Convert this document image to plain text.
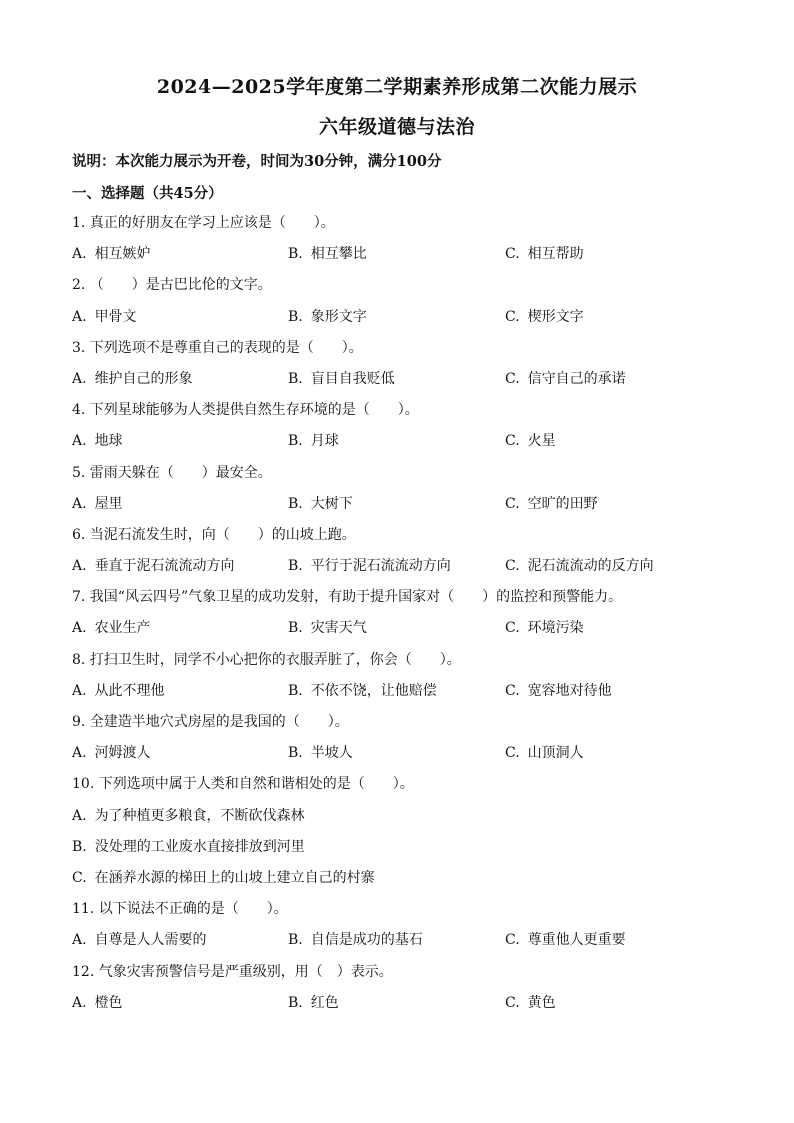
2024—2025学年度第二学期素养形成第二次能力展示
六年级道德与法治
说明：本次能力展示为开卷，时间为30分钟，满分100分
一、选择题（共45分）
1. 真正的好朋友在学习上应该是（　　）。
A. 相互嫉妒	B. 相互攀比	C. 相互帮助
2. （　　）是古巴比伦的文字。
A. 甲骨文	B. 象形文字	C. 楔形文字
3. 下列选项不是尊重自己的表现的是（　　）。
A. 维护自己的形象	B. 盲目自我贬低	C. 信守自己的承诺
4. 下列星球能够为人类提供自然生存环境的是（　　）。
A. 地球	B. 月球	C. 火星
5. 雷雨天躲在（　　）最安全。
A. 屋里	B. 大树下	C. 空旷的田野
6. 当泥石流发生时，向（　　）的山坡上跑。
A. 垂直于泥石流流动方向	B. 平行于泥石流流动方向	C. 泥石流流动的反方向
7. 我国“风云四号”气象卫星的成功发射，有助于提升国家对（　　）的监控和预警能力。
A. 农业生产	B. 灾害天气	C. 环境污染
8. 打扫卫生时，同学不小心把你的衣服弄脏了，你会（　　）。
A. 从此不理他	B. 不依不饶，让他赔偿	C. 宽容地对待他
9. 全建造半地穴式房屋的是我国的（　　）。
A. 河姆渡人	B. 半坡人	C. 山顶洞人
10. 下列选项中属于人类和自然和谐相处的是（　　）。
A. 为了种植更多粮食，不断砍伐森林
B. 没处理的工业废水直接排放到河里
C. 在涵养水源的梯田上的山坡上建立自己的村寨
11. 以下说法不正确的是（　　）。
A. 自尊是人人需要的	B. 自信是成功的基石	C. 尊重他人更重要
12. 气象灾害预警信号是严重级别，用（　）表示。
A. 橙色	B. 红色	C. 黄色
